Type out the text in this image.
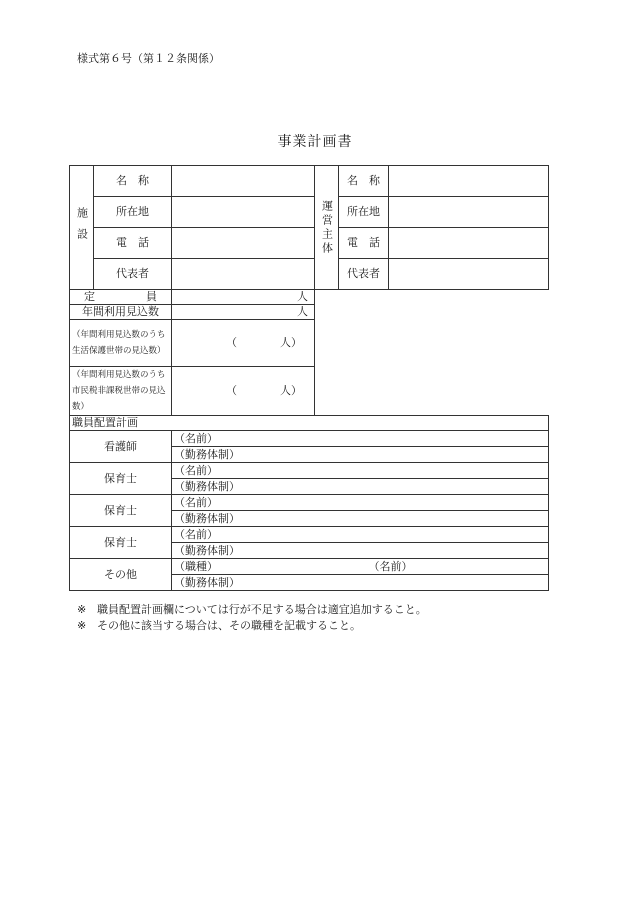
様式第６号（第１２条関係）
事業計画書
施設	名　称		運営主体	名　称	
	所在地			所在地	
	電　話			電　話	
	代表者			代表者	

定 員		人			
年間利用見込数		人			
（年間利用見込数のうち生活保護世帯の見込数）		（ 人）			

（年間利用見込数のうち市民税非課税世帯の見込数）		（ 人）			

職員配置計画					
看護師		（名前）			
		（勤務体制）			
保育士		（名前）			
		（勤務体制）			
保育士		（名前）			
		（勤務体制）			
保育士		（名前）			
		（勤務体制）			
その他		（職種）		（名前）	
		（勤務体制）			
※ 職員配置計画欄については行が不足する場合は適宜追加すること。
※ その他に該当する場合は、その職種を記載すること。
